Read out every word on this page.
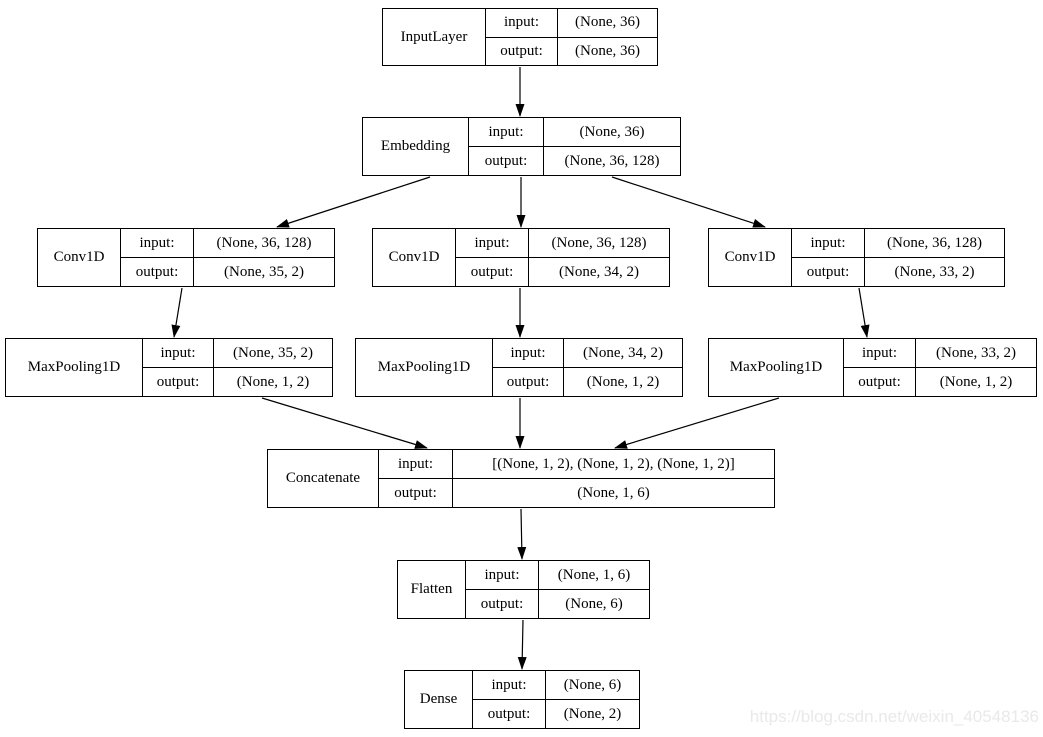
InputLayer
input:
output:
(None, 36)
(None, 36)
Embedding
input:
output:
(None, 36)
(None, 36, 128)
Conv1D
input:
output:
(None, 36, 128)
(None, 35, 2)
Conv1D
input:
output:
(None, 36, 128)
(None, 34, 2)
Conv1D
input:
output:
(None, 36, 128)
(None, 33, 2)
MaxPooling1D
input:
output:
(None, 35, 2)
(None, 1, 2)
MaxPooling1D
input:
output:
(None, 34, 2)
(None, 1, 2)
MaxPooling1D
input:
output:
(None, 33, 2)
(None, 1, 2)
Concatenate
input:
output:
[(None, 1, 2), (None, 1, 2), (None, 1, 2)]
(None, 1, 6)
Flatten
input:
output:
(None, 1, 6)
(None, 6)
Dense
input:
output:
(None, 6)
(None, 2)	https://blog.csdn.net/weixin_40548136
